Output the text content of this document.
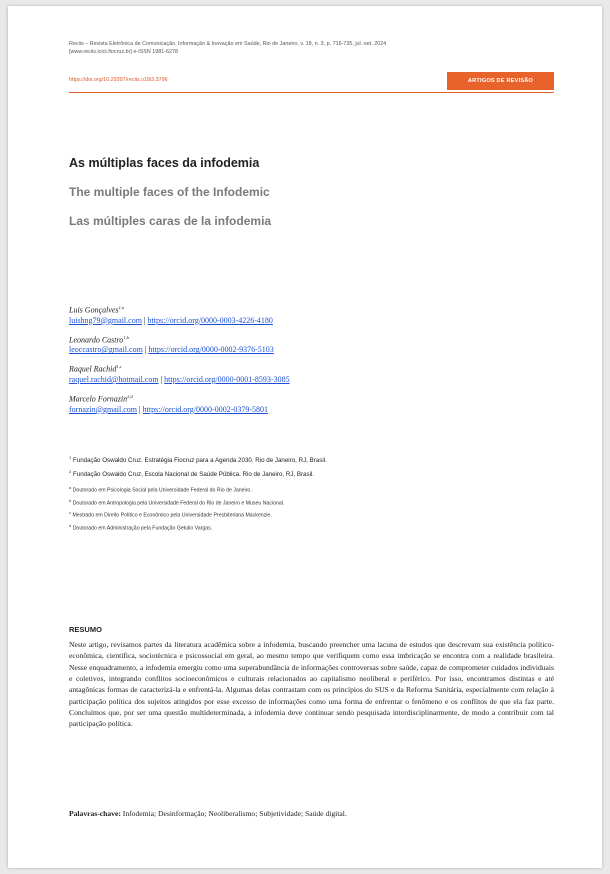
Reciis – Revista Eletrônica de Comunicação, Informação & Inovação em Saúde, Rio de Janeiro, v. 18, n. 3, p. 716-735, jul.-set. 2024
[www.reciis.icict.fiocruz.br] e-ISSN 1981-6278
https://doi.org/10.29397/reciis.v18i3.3796	ARTIGOS DE REVISÃO
As múltiplas faces da infodemia
The multiple faces of the Infodemic
Las múltiples caras de la infodemia
Luis Gonçalves$^{1,a}$
luishng79@gmail.com | https://orcid.org/0000-0003-4226-4180
Leonardo Castro$^{1,b}$
leoccastro@gmail.com | https://orcid.org/0000-0002-9376-5103
Raquel Rachid$^{1,c}$
raquel.rachid@hotmail.com | https://orcid.org/0000-0001-8593-3085
Marcelo Fornazin$^{2,d}$
fornazin@gmail.com | https://orcid.org/0000-0002-0379-5801
$^1$ Fundação Oswaldo Cruz. Estratégia Fiocruz para a Agenda 2030. Rio de Janeiro, RJ, Brasil.
$^2$ Fundação Oswaldo Cruz, Escola Nacional de Saúde Pública. Rio de Janeiro, RJ, Brasil.
$^a$ Doutorado em Psicologia Social pela Universidade Federal do Rio de Janeiro.
$^b$ Doutorado em Antropologia pela Universidade Federal do Rio de Janeiro e Museu Nacional.
$^c$ Mestrado em Direito Político e Econômico pela Universidade Presbiteriana Mackenzie.
$^d$ Doutorado em Administração pela Fundação Getulio Vargas.
RESUMO

Neste artigo, revisamos partes da literatura acadêmica sobre a infodemia, buscando preencher uma lacuna de estudos que descrevam sua existência político-econômica, científica, sociotécnica e psicossocial em geral, ao mesmo tempo que verifiquem como essa imbricação se encontra com a realidade brasileira. Nesse enquadramento, a infodemia emergiu como uma superabundância de informações controversas sobre saúde, capaz de comprometer cuidados individuais e coletivos, integrando conflitos socioeconômicos e culturais relacionados ao capitalismo neoliberal e periférico. Por isso, encontramos distintas e até antagônicas formas de caracterizá-la e enfrentá-la. Algumas delas contrastam com os princípios do SUS e da Reforma Sanitária, especialmente com relação à participação política dos sujeitos atingidos por esse excesso de informações como uma forma de enfrentar o fenômeno e os conflitos de que ela faz parte. Concluímos que, por ser uma questão multideterminada, a infodemia deve continuar sendo pesquisada interdisciplinarmente, de modo a contribuir com tal participação política.

Palavras-chave: Infodemia; Desinformação; Neoliberalismo; Subjetividade; Saúde digital.
